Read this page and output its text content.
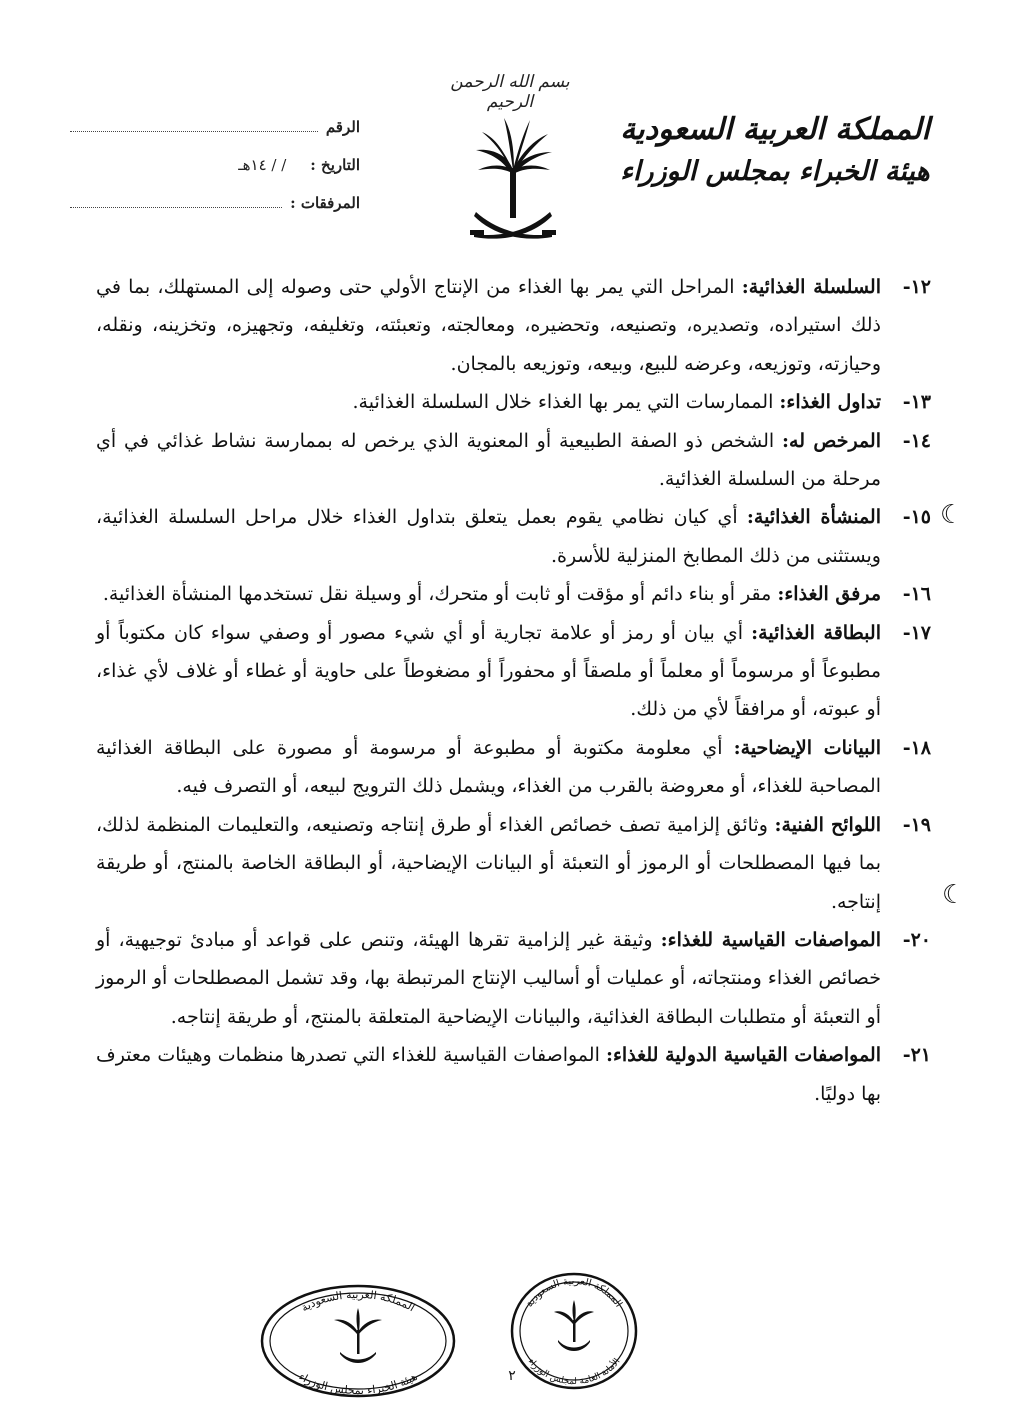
بسم الله الرحمن الرحيم
الرقم
التاريخ :
/ / ١٤هـ
المرفقات :
المملكة العربية السعودية
هيئة الخبراء بمجلس الوزراء
١٢-
السلسلة الغذائية: المراحل التي يمر بها الغذاء من الإنتاج الأولي حتى وصوله إلى المستهلك، بما في ذلك استيراده، وتصديره، وتصنيعه، وتحضيره، ومعالجته، وتعبئته، وتغليفه، وتجهيزه، وتخزينه، ونقله، وحيازته، وتوزيعه، وعرضه للبيع، وبيعه، وتوزيعه بالمجان.
١٣-
تداول الغذاء: الممارسات التي يمر بها الغذاء خلال السلسلة الغذائية.
١٤-
المرخص له: الشخص ذو الصفة الطبيعية أو المعنوية الذي يرخص له بممارسة نشاط غذائي في أي مرحلة من السلسلة الغذائية.
١٥-
المنشأة الغذائية: أي كيان نظامي يقوم بعمل يتعلق بتداول الغذاء خلال مراحل السلسلة الغذائية، ويستثنى من ذلك المطابخ المنزلية للأسرة.
١٦-
مرفق الغذاء: مقر أو بناء دائم أو مؤقت أو ثابت أو متحرك، أو وسيلة نقل تستخدمها المنشأة الغذائية.
١٧-
البطاقة الغذائية: أي بيان أو رمز أو علامة تجارية أو أي شيء مصور أو وصفي سواء كان مكتوباً أو مطبوعاً أو مرسوماً أو معلماً أو ملصقاً أو محفوراً أو مضغوطاً على حاوية أو غطاء أو غلاف لأي غذاء، أو عبوته، أو مرافقاً لأي من ذلك.
١٨-
البيانات الإيضاحية: أي معلومة مكتوبة أو مطبوعة أو مرسومة أو مصورة على البطاقة الغذائية المصاحبة للغذاء، أو معروضة بالقرب من الغذاء، ويشمل ذلك الترويج لبيعه، أو التصرف فيه.
١٩-
اللوائح الفنية: وثائق إلزامية تصف خصائص الغذاء أو طرق إنتاجه وتصنيعه، والتعليمات المنظمة لذلك، بما فيها المصطلحات أو الرموز أو التعبئة أو البيانات الإيضاحية، أو البطاقة الخاصة بالمنتج، أو طريقة إنتاجه.
٢٠-
المواصفات القياسية للغذاء: وثيقة غير إلزامية تقرها الهيئة، وتنص على قواعد أو مبادئ توجيهية، أو خصائص الغذاء ومنتجاته، أو عمليات أو أساليب الإنتاج المرتبطة بها، وقد تشمل المصطلحات أو الرموز أو التعبئة أو متطلبات البطاقة الغذائية، والبيانات الإيضاحية المتعلقة بالمنتج، أو طريقة إنتاجه.
٢١-
المواصفات القياسية الدولية للغذاء: المواصفات القياسية للغذاء التي تصدرها منظمات وهيئات معترف بها دوليًا.
☾
☾
المملكة العربية السعودية
هيئة الخبراء بمجلس الوزراء
المملكة العربية السعودية
الأمانة العامة لمجلس الوزراء
٢
